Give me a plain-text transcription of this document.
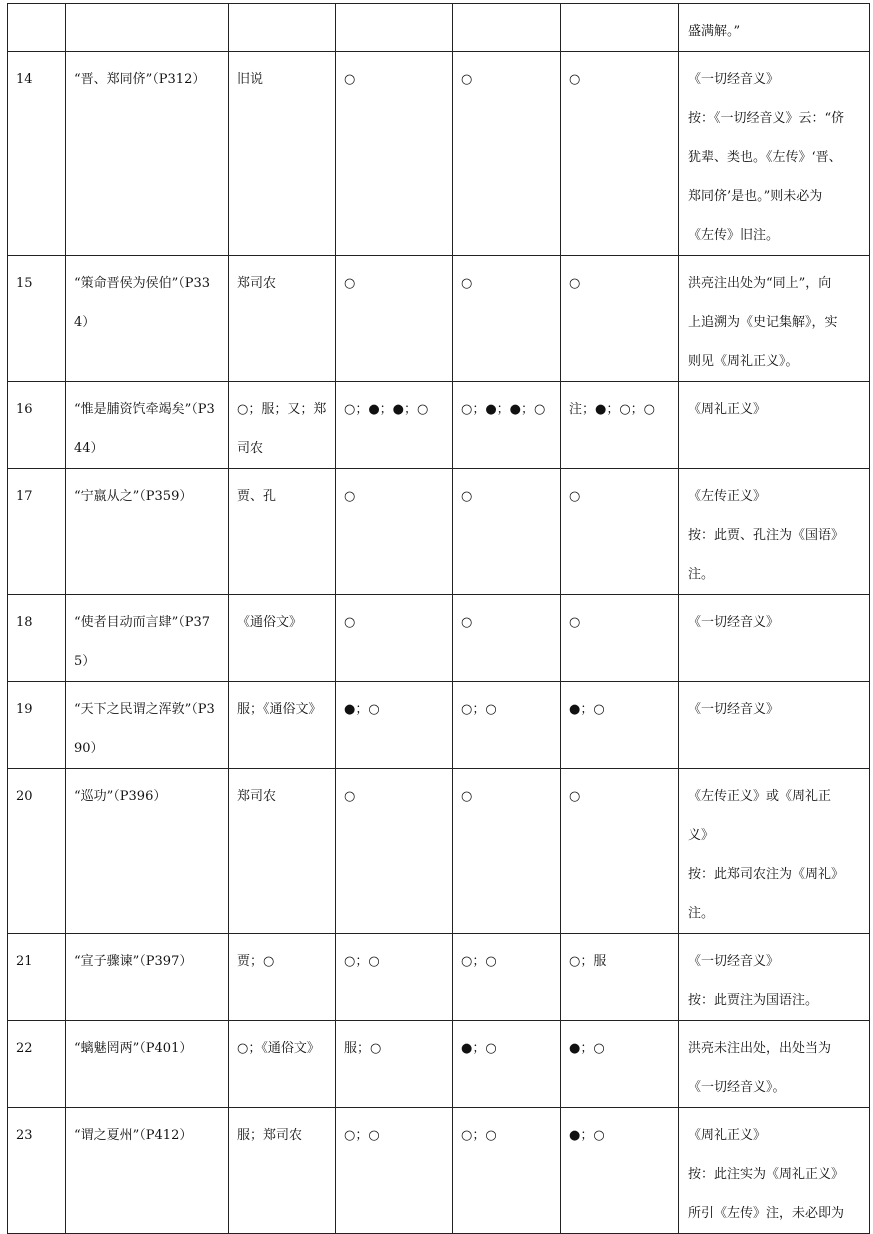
						盛满解。”

14	“晋、郑同侪”（P312）	旧说	○	○	○	《一切经音义》
按：《一切经音义》云：“侪
犹辈、类也。《左传》‘晋、
郑同侪’是也。”则未必为
《左传》旧注。

15	“策命晋侯为侯伯”（P334）	郑司农	○	○	○	洪亮注出处为“同上”，向
上追溯为《史记集解》，实
则见《周礼正义》。

16	“惟是脯资饩牵竭矣”（P344）	○；服；又；郑司农	○；●；●；○	○；●；●；○	注；●；○；○	《周礼正义》

17	“宁嬴从之”（P359）	贾、孔	○	○	○	《左传正义》
按：此贾、孔注为《国语》
注。

18	“使者目动而言肆”（P375）	《通俗文》	○	○	○	《一切经音义》

19	“天下之民谓之浑敦”（P390）	服；《通俗文》	●；○	○；○	●；○	《一切经音义》

20	“巡功”（P396）	郑司农	○	○	○	《左传正义》或《周礼正
义》
按：此郑司农注为《周礼》
注。

21	“宣子骤谏”（P397）	贾；○	○；○	○；○	○；服	《一切经音义》
按：此贾注为国语注。

22	“螭魅罔两”（P401）	○；《通俗文》	服；○	●；○	●；○	洪亮未注出处，出处当为
《一切经音义》。

23	“谓之夏州”（P412）	服；郑司农	○；○	○；○	●；○	《周礼正义》
按：此注实为《周礼正义》
所引《左传》注，未必即为
